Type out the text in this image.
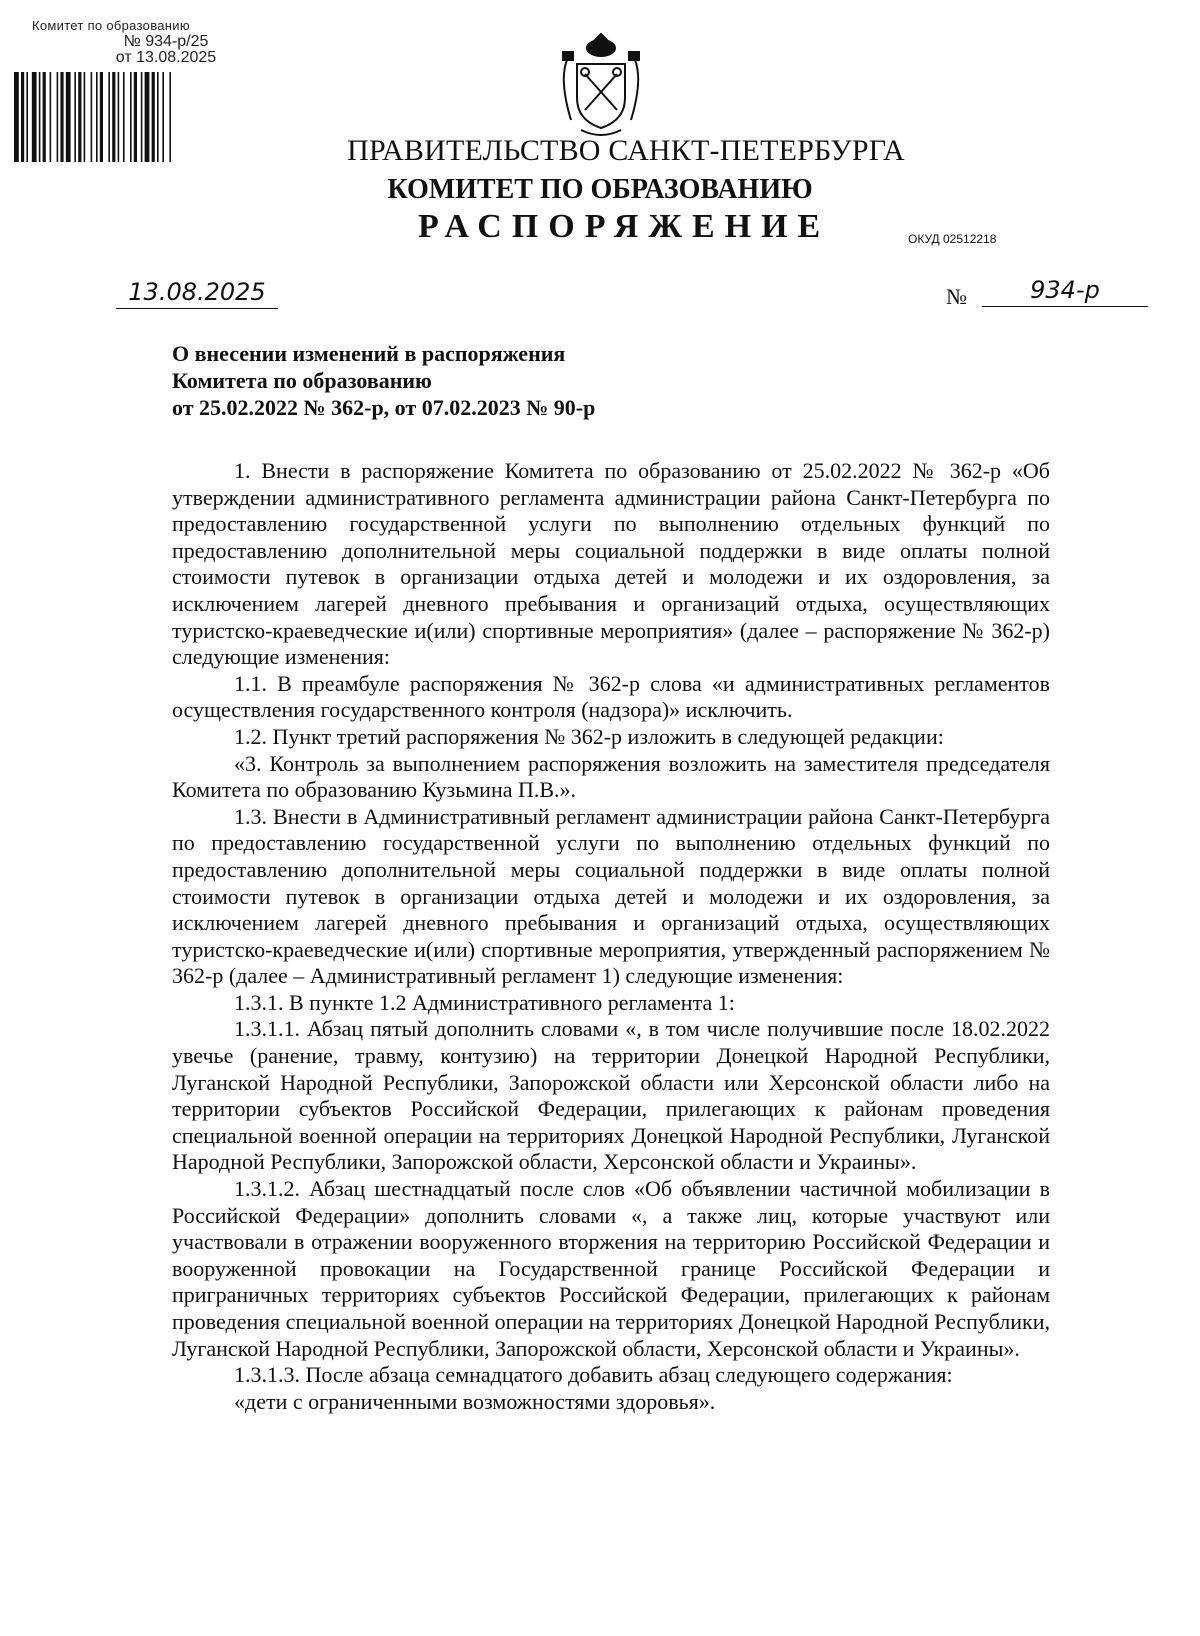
Комитет по образованию
№ 934-р/25
от 13.08.2025
ПРАВИТЕЛЬСТВО САНКТ-ПЕТЕРБУРГА
КОМИТЕТ ПО ОБРАЗОВАНИЮ
РАСПОРЯЖЕНИЕ	ОКУД 02512218
13.08.2025	№	934-р
О внесении изменений в распоряжения
Комитета по образованию
от 25.02.2022 № 362-р, от 07.02.2023 № 90-р

1. Внести в распоряжение Комитета по образованию от 25.02.2022 № 362-р «Об утверждении административного регламента администрации района Санкт-Петербурга по предоставлению государственной услуги по выполнению отдельных функций по предоставлению дополнительной меры социальной поддержки в виде оплаты полной стоимости путевок в организации отдыха детей и молодежи и их оздоровления, за исключением лагерей дневного пребывания и организаций отдыха, осуществляющих туристско-краеведческие и(или) спортивные мероприятия» (далее – распоряжение № 362-р) следующие изменения:

1.1. В преамбуле распоряжения № 362-р слова «и административных регламентов осуществления государственного контроля (надзора)» исключить.

1.2. Пункт третий распоряжения № 362-р изложить в следующей редакции:

«3. Контроль за выполнением распоряжения возложить на заместителя председателя Комитета по образованию Кузьмина П.В.».

1.3. Внести в Административный регламент администрации района Санкт-Петербурга по предоставлению государственной услуги по выполнению отдельных функций по предоставлению дополнительной меры социальной поддержки в виде оплаты полной стоимости путевок в организации отдыха детей и молодежи и их оздоровления, за исключением лагерей дневного пребывания и организаций отдыха, осуществляющих туристско-краеведческие и(или) спортивные мероприятия, утвержденный распоряжением № 362-р (далее – Административный регламент 1) следующие изменения:

1.3.1. В пункте 1.2 Административного регламента 1:

1.3.1.1. Абзац пятый дополнить словами «, в том числе получившие после 18.02.2022 увечье (ранение, травму, контузию) на территории Донецкой Народной Республики, Луганской Народной Республики, Запорожской области или Херсонской области либо на территории субъектов Российской Федерации, прилегающих к районам проведения специальной военной операции на территориях Донецкой Народной Республики, Луганской Народной Республики, Запорожской области, Херсонской области и Украины».

1.3.1.2. Абзац шестнадцатый после слов «Об объявлении частичной мобилизации в Российской Федерации» дополнить словами «, а также лиц, которые участвуют или участвовали в отражении вооруженного вторжения на территорию Российской Федерации и вооруженной провокации на Государственной границе Российской Федерации и приграничных территориях субъектов Российской Федерации, прилегающих к районам проведения специальной военной операции на территориях Донецкой Народной Республики, Луганской Народной Республики, Запорожской области, Херсонской области и Украины».

1.3.1.3. После абзаца семнадцатого добавить абзац следующего содержания:

«дети с ограниченными возможностями здоровья».
